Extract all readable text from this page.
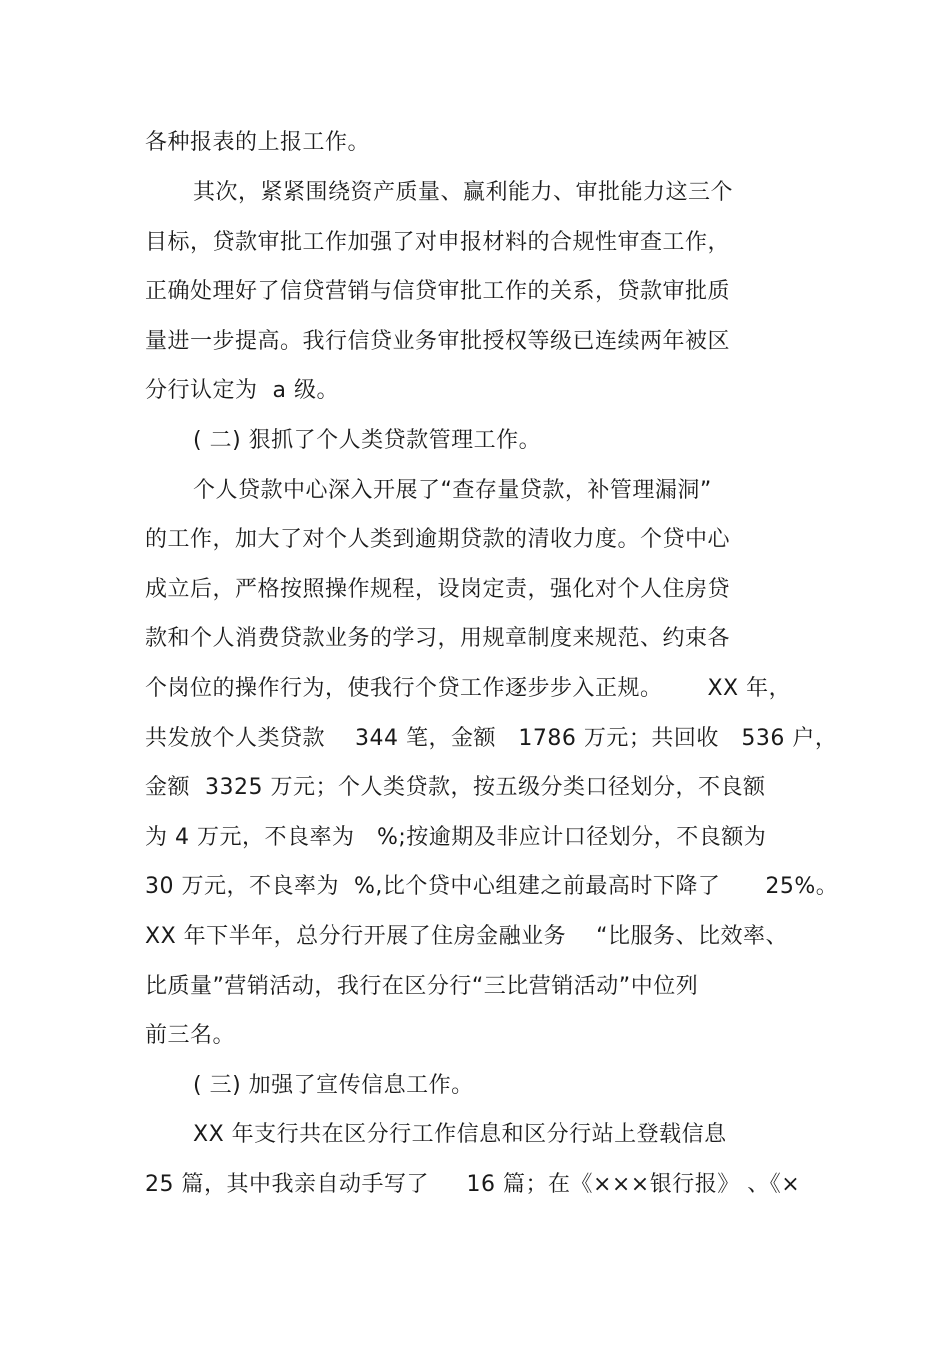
各种报表的上报工作。
其次，紧紧围绕资产质量、赢利能力、审批能力这三个
目标，贷款审批工作加强了对申报材料的合规性审查工作，
正确处理好了信贷营销与信贷审批工作的关系，贷款审批质
量进一步提高。我行信贷业务审批授权等级已连续两年被区
分行认定为  a 级。
( 二) 狠抓了个人类贷款管理工作。
个人贷款中心深入开展了“查存量贷款，补管理漏洞”
的工作，加大了对个人类到逾期贷款的清收力度。个贷中心
成立后，严格按照操作规程，设岗定责，强化对个人住房贷
款和个人消费贷款业务的学习，用规章制度来规范、约束各
个岗位的操作行为，使我行个贷工作逐步步入正规。      XX 年，
共发放个人类贷款    344 笔，金额   1786 万元；共回收   536 户，
金额  3325 万元；个人类贷款，按五级分类口径划分，不良额
为 4 万元，不良率为   %;按逾期及非应计口径划分，不良额为
30 万元，不良率为  %,比个贷中心组建之前最高时下降了      25%。
XX 年下半年，总分行开展了住房金融业务    “比服务、比效率、
比质量”营销活动，我行在区分行“三比营销活动”中位列
前三名。
( 三) 加强了宣传信息工作。
XX 年支行共在区分行工作信息和区分行站上登载信息
25 篇，其中我亲自动手写了     16 篇；在《×××银行报》 、《×
